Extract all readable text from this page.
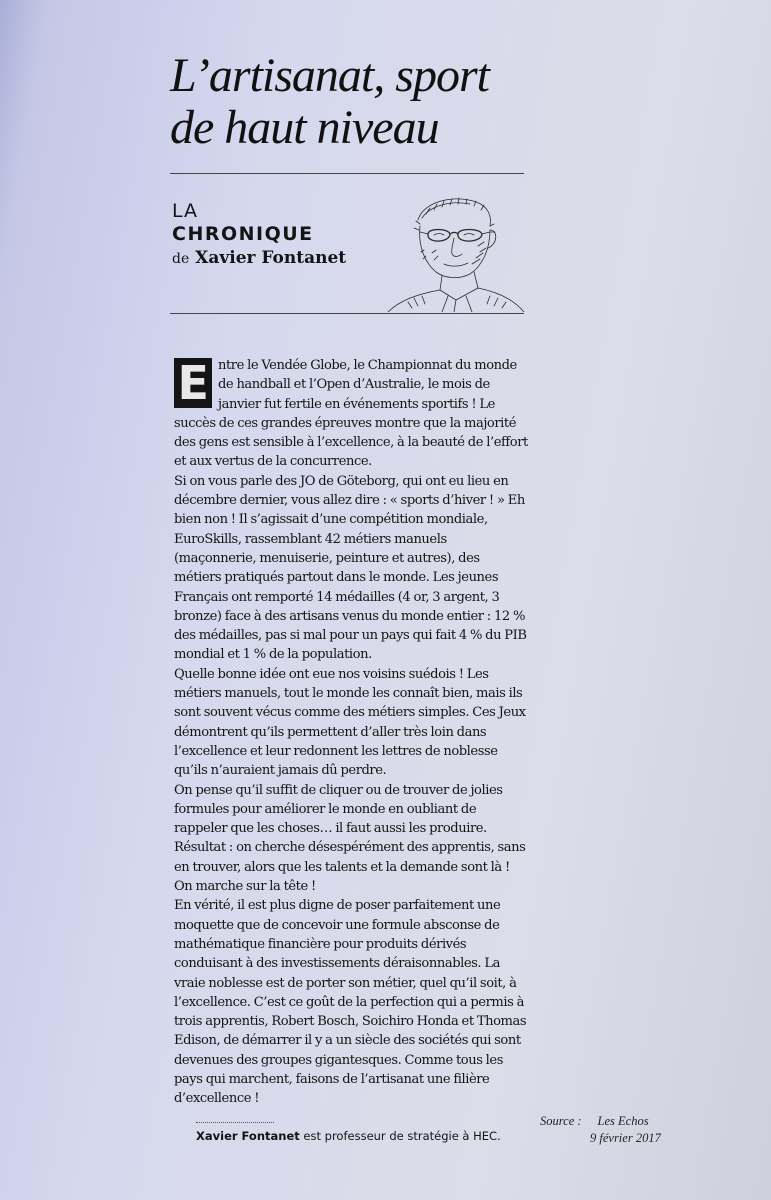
L’artisanat, sport
de haut niveau
LA
CHRONIQUE
de Xavier Fontanet
E ntre le Vendée Globe, le Championnat du monde de handball et l’Open d’Australie, le mois de janvier fut fertile en événements sportifs ! Le succès de ces grandes épreuves montre que la majorité des gens est sensible à l’excellence, à la beauté de l’effort et aux vertus de la concurrence.

Si on vous parle des JO de Göteborg, qui ont eu lieu en décembre dernier, vous allez dire : « sports d’hiver ! » Eh bien non ! Il s’agissait d’une compétition mondiale, EuroSkills, rassemblant 42 métiers manuels (maçonnerie, menuiserie, peinture et autres), des métiers pratiqués partout dans le monde. Les jeunes Français ont remporté 14 médailles (4 or, 3 argent, 3 bronze) face à des artisans venus du monde entier : 12 % des médailles, pas si mal pour un pays qui fait 4 % du PIB mondial et 1 % de la population.

Quelle bonne idée ont eue nos voisins suédois ! Les métiers manuels, tout le monde les connaît bien, mais ils sont souvent vécus comme des métiers simples. Ces Jeux démontrent qu’ils permettent d’aller très loin dans l’excellence et leur redonnent les lettres de noblesse qu’ils n’auraient jamais dû perdre.

On pense qu’il suffit de cliquer ou de trouver de jolies formules pour améliorer le monde en oubliant de rappeler que les choses… il faut aussi les produire. Résultat : on cherche désespérément des apprentis, sans en trouver, alors que les talents et la demande sont là ! On marche sur la tête !

En vérité, il est plus digne de poser parfaitement une moquette que de concevoir une formule absconse de mathématique financière pour produits dérivés conduisant à des investissements déraisonnables. La vraie noblesse est de porter son métier, quel qu’il soit, à l’excellence. C’est ce goût de la perfection qui a permis à trois apprentis, Robert Bosch, Soichiro Honda et Thomas Edison, de démarrer il y a un siècle des sociétés qui sont devenues des groupes gigantesques. Comme tous les pays qui marchent, faisons de l’artisanat une filière d’excellence !

Xavier Fontanet est professeur de stratégie à HEC.
Source : Les Echos
9 février 2017
